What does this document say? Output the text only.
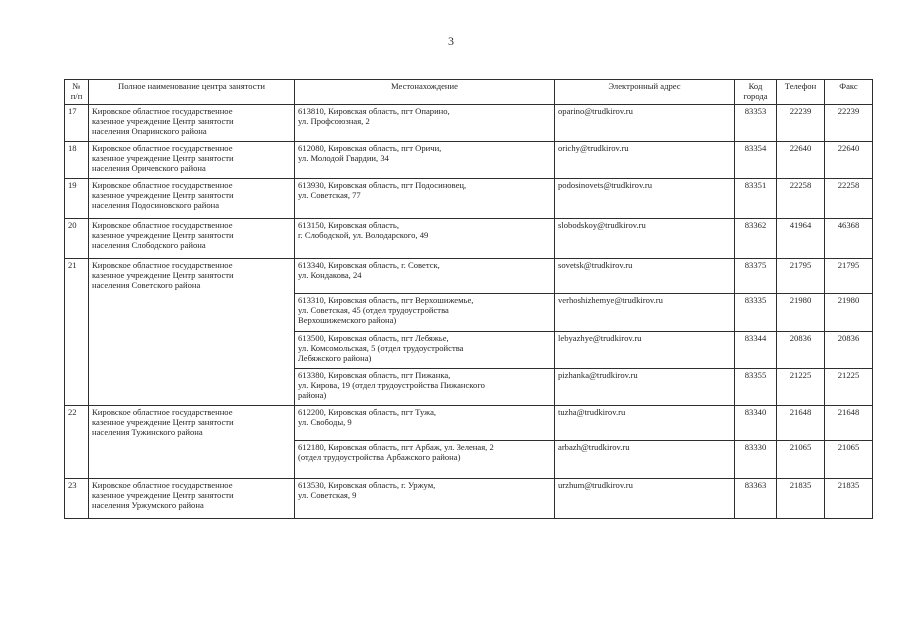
3
№ п/п	Полное наименование центра занятости	Местонахождение	Электронный адрес	Код города	Телефон	Факс
17	Кировское областное государственное
казенное учреждение Центр занятости
населения Опаринского района	613810, Кировская область, пгт Опарино,
ул. Профсоюзная, 2	oparino@trudkirov.ru	83353	22239	22239
18	Кировское областное государственное
казенное учреждение Центр занятости
населения Оричевского района	612080, Кировская область, пгт Оричи,
ул. Молодой Гвардии, 34	orichy@trudkirov.ru	83354	22640	22640
19	Кировское областное государственное
казенное учреждение Центр занятости
населения Подосиновского района	613930, Кировская область, пгт Подосиновец,
ул. Советская, 77	podosinovets@trudkirov.ru	83351	22258	22258
20	Кировское областное государственное
казенное учреждение Центр занятости
населения Слободского района	613150, Кировская область,
г. Слободской, ул. Володарского, 49	slobodskoy@trudkirov.ru	83362	41964	46368
21	Кировское областное государственное
казенное учреждение Центр занятости
населения Советского района	613340, Кировская область, г. Советск,
ул. Кондакова, 24	sovetsk@trudkirov.ru	83375	21795	21795

		613310, Кировская область, пгт Верхошижемье,
ул. Советская, 45 (отдел трудоустройства
Верхошижемского района)	verhoshizhemye@trudkirov.ru	83335	21980	21980

		613500, Кировская область, пгт Лебяжье,
ул. Комсомольская, 5 (отдел трудоустройства
Лебяжского района)	lebyazhye@trudkirov.ru	83344	20836	20836

		613380, Кировская область, пгт Пижанка,
ул. Кирова, 19 (отдел трудоустройства Пижанского
района)	pizhanka@trudkirov.ru	83355	21225	21225
22	Кировское областное государственное
казенное учреждение Центр занятости
населения Тужинского района	612200, Кировская область, пгт Тужа,
ул. Свободы, 9	tuzha@trudkirov.ru	83340	21648	21648

		612180, Кировская область, пгт Арбаж, ул. Зеленая, 2
(отдел трудоустройства Арбажского района)	arbazh@trudkirov.ru	83330	21065	21065
23	Кировское областное государственное
казенное учреждение Центр занятости
населения Уржумского района	613530, Кировская область, г. Уржум,
ул. Советская, 9	urzhum@trudkirov.ru	83363	21835	21835
